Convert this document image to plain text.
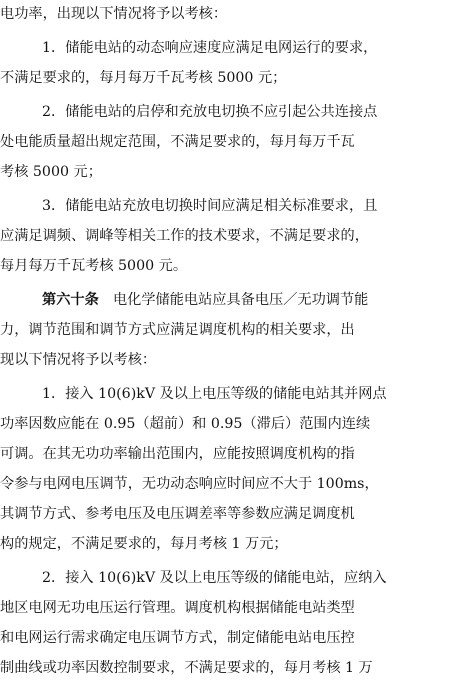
电功率，出现以下情况将予以考核：
1．储能电站的动态响应速度应满足电网运行的要求，
不满足要求的，每月每万千瓦考核 5000 元；
2．储能电站的启停和充放电切换不应引起公共连接点
处电能质量超出规定范围，不满足要求的，每月每万千瓦
考核 5000 元；
3．储能电站充放电切换时间应满足相关标准要求，且
应满足调频、调峰等相关工作的技术要求，不满足要求的，
每月每万千瓦考核 5000 元。
第六十条　 电化学储能电站应具备电压／无功调节能
力，调节范围和调节方式应满足调度机构的相关要求，出
现以下情况将予以考核：
1．接入 10(6)kV 及以上电压等级的储能电站其并网点
功率因数应能在 0.95（超前）和 0.95（滞后）范围内连续
可调。在其无功功率输出范围内，应能按照调度机构的指
令参与电网电压调节，无功动态响应时间应不大于 100ms，
其调节方式、参考电压及电压调差率等参数应满足调度机
构的规定，不满足要求的，每月考核 1 万元；
2．接入 10(6)kV 及以上电压等级的储能电站，应纳入
地区电网无功电压运行管理。调度机构根据储能电站类型
和电网运行需求确定电压调节方式，制定储能电站电压控
制曲线或功率因数控制要求，不满足要求的，每月考核 1 万
